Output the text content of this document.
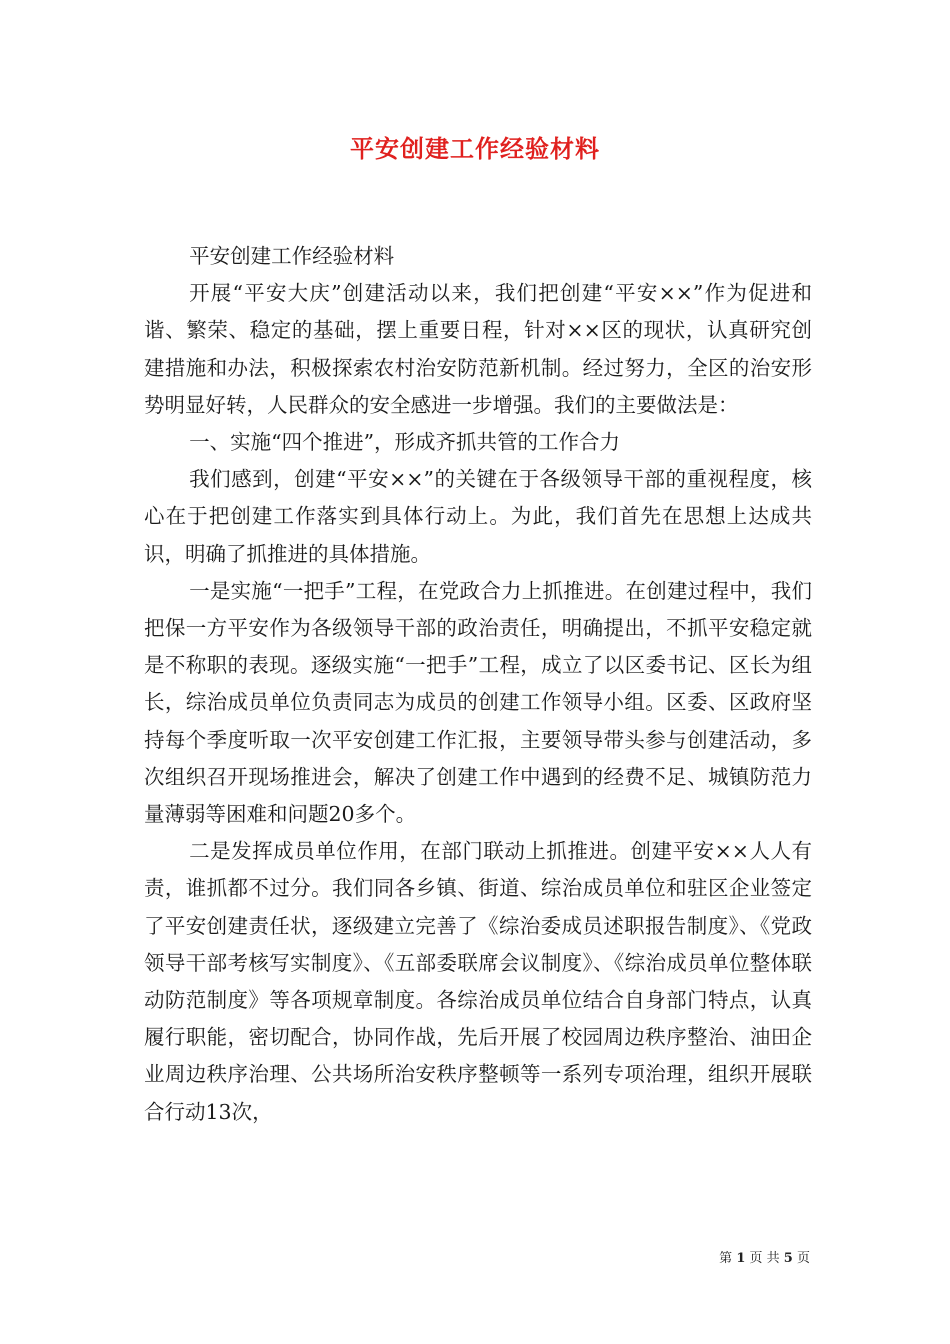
平安创建工作经验材料

平安创建工作经验材料

开展“平安大庆”创建活动以来，我们把创建“平安××”作为促进和谐、繁荣、稳定的基础，摆上重要日程，针对××区的现状，认真研究创建措施和办法，积极探索农村治安防范新机制。经过努力，全区的治安形势明显好转，人民群众的安全感进一步增强。我们的主要做法是：

一、实施“四个推进”，形成齐抓共管的工作合力

我们感到，创建“平安××”的关键在于各级领导干部的重视程度，核心在于把创建工作落实到具体行动上。为此，我们首先在思想上达成共识，明确了抓推进的具体措施。

一是实施“一把手”工程，在党政合力上抓推进。在创建过程中，我们把保一方平安作为各级领导干部的政治责任，明确提出，不抓平安稳定就是不称职的表现。逐级实施“一把手”工程，成立了以区委书记、区长为组长，综治成员单位负责同志为成员的创建工作领导小组。区委、区政府坚持每个季度听取一次平安创建工作汇报，主要领导带头参与创建活动，多次组织召开现场推进会，解决了创建工作中遇到的经费不足、城镇防范力量薄弱等困难和问题20多个。

二是发挥成员单位作用，在部门联动上抓推进。创建平安××人人有责，谁抓都不过分。我们同各乡镇、街道、综治成员单位和驻区企业签定了平安创建责任状，逐级建立完善了《综治委成员述职报告制度》、《党政领导干部考核写实制度》、《五部委联席会议制度》、《综治成员单位整体联动防范制度》等各项规章制度。各综治成员单位结合自身部门特点，认真履行职能，密切配合，协同作战，先后开展了校园周边秩序整治、油田企业周边秩序治理、公共场所治安秩序整顿等一系列专项治理，组织开展联合行动13次，

第 1 页 共 5 页
